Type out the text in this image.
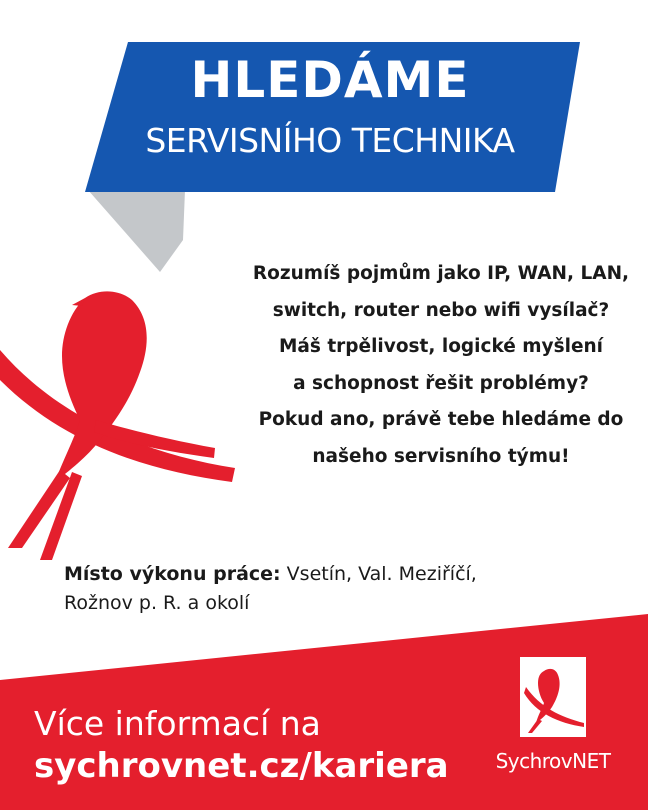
HLEDÁME
SERVISNÍHO TECHNIKA
Rozumíš pojmům jako IP, WAN, LAN,
switch, router nebo wifi vysílač?
Máš trpělivost, logické myšlení
a schopnost řešit problémy?
Pokud ano, právě tebe hledáme do
našeho servisního týmu!
Místo výkonu práce: Vsetín, Val. Meziříčí,
Rožnov p. R. a okolí
Více informací na
sychrovnet.cz/kariera	SychrovNET
